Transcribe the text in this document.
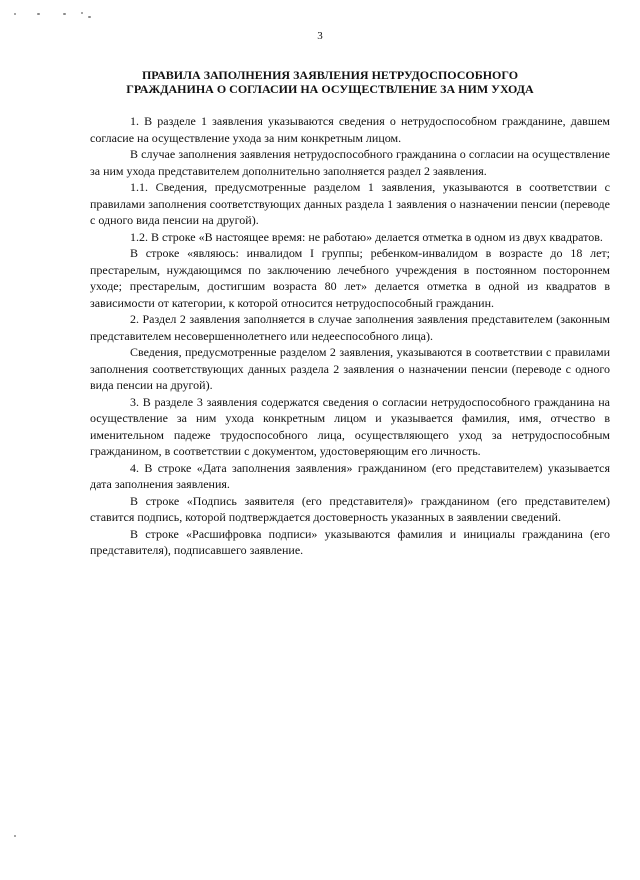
3
ПРАВИЛА ЗАПОЛНЕНИЯ ЗАЯВЛЕНИЯ НЕТРУДОСПОСОБНОГО
ГРАЖДАНИНА О СОГЛАСИИ НА ОСУЩЕСТВЛЕНИЕ ЗА НИМ УХОДА

1. В разделе 1 заявления указываются сведения о нетрудоспособном гражданине, давшем согласие на осуществление ухода за ним конкретным лицом.

В случае заполнения заявления нетрудоспособного гражданина о согласии на осуществление за ним ухода представителем дополнительно заполняется раздел 2 заявления.

1.1. Сведения, предусмотренные разделом 1 заявления, указываются в соответствии с правилами заполнения соответствующих данных раздела 1 заявления о назначении пенсии (переводе с одного вида пенсии на другой).

1.2. В строке «В настоящее время: не работаю» делается отметка в одном из двух квадратов.

В строке «являюсь: инвалидом I группы; ребенком-инвалидом в возрасте до 18 лет; престарелым, нуждающимся по заключению лечебного учреждения в постоянном постороннем уходе; престарелым, достигшим возраста 80 лет» делается отметка в одной из квадратов в зависимости от категории, к которой относится нетрудоспособный гражданин.

2. Раздел 2 заявления заполняется в случае заполнения заявления представителем (законным представителем несовершеннолетнего или недееспособного лица).

Сведения, предусмотренные разделом 2 заявления, указываются в соответствии с правилами заполнения соответствующих данных раздела 2 заявления о назначении пенсии (переводе с одного вида пенсии на другой).

3. В разделе 3 заявления содержатся сведения о согласии нетрудоспособного гражданина на осуществление за ним ухода конкретным лицом и указывается фамилия, имя, отчество в именительном падеже трудоспособного лица, осуществляющего уход за нетрудоспособным гражданином, в соответствии с документом, удостоверяющим его личность.

4. В строке «Дата заполнения заявления» гражданином (его представителем) указывается дата заполнения заявления.

В строке «Подпись заявителя (его представителя)» гражданином (его представителем) ставится подпись, которой подтверждается достоверность указанных в заявлении сведений.

В строке «Расшифровка подписи» указываются фамилия и инициалы гражданина (его представителя), подписавшего заявление.
